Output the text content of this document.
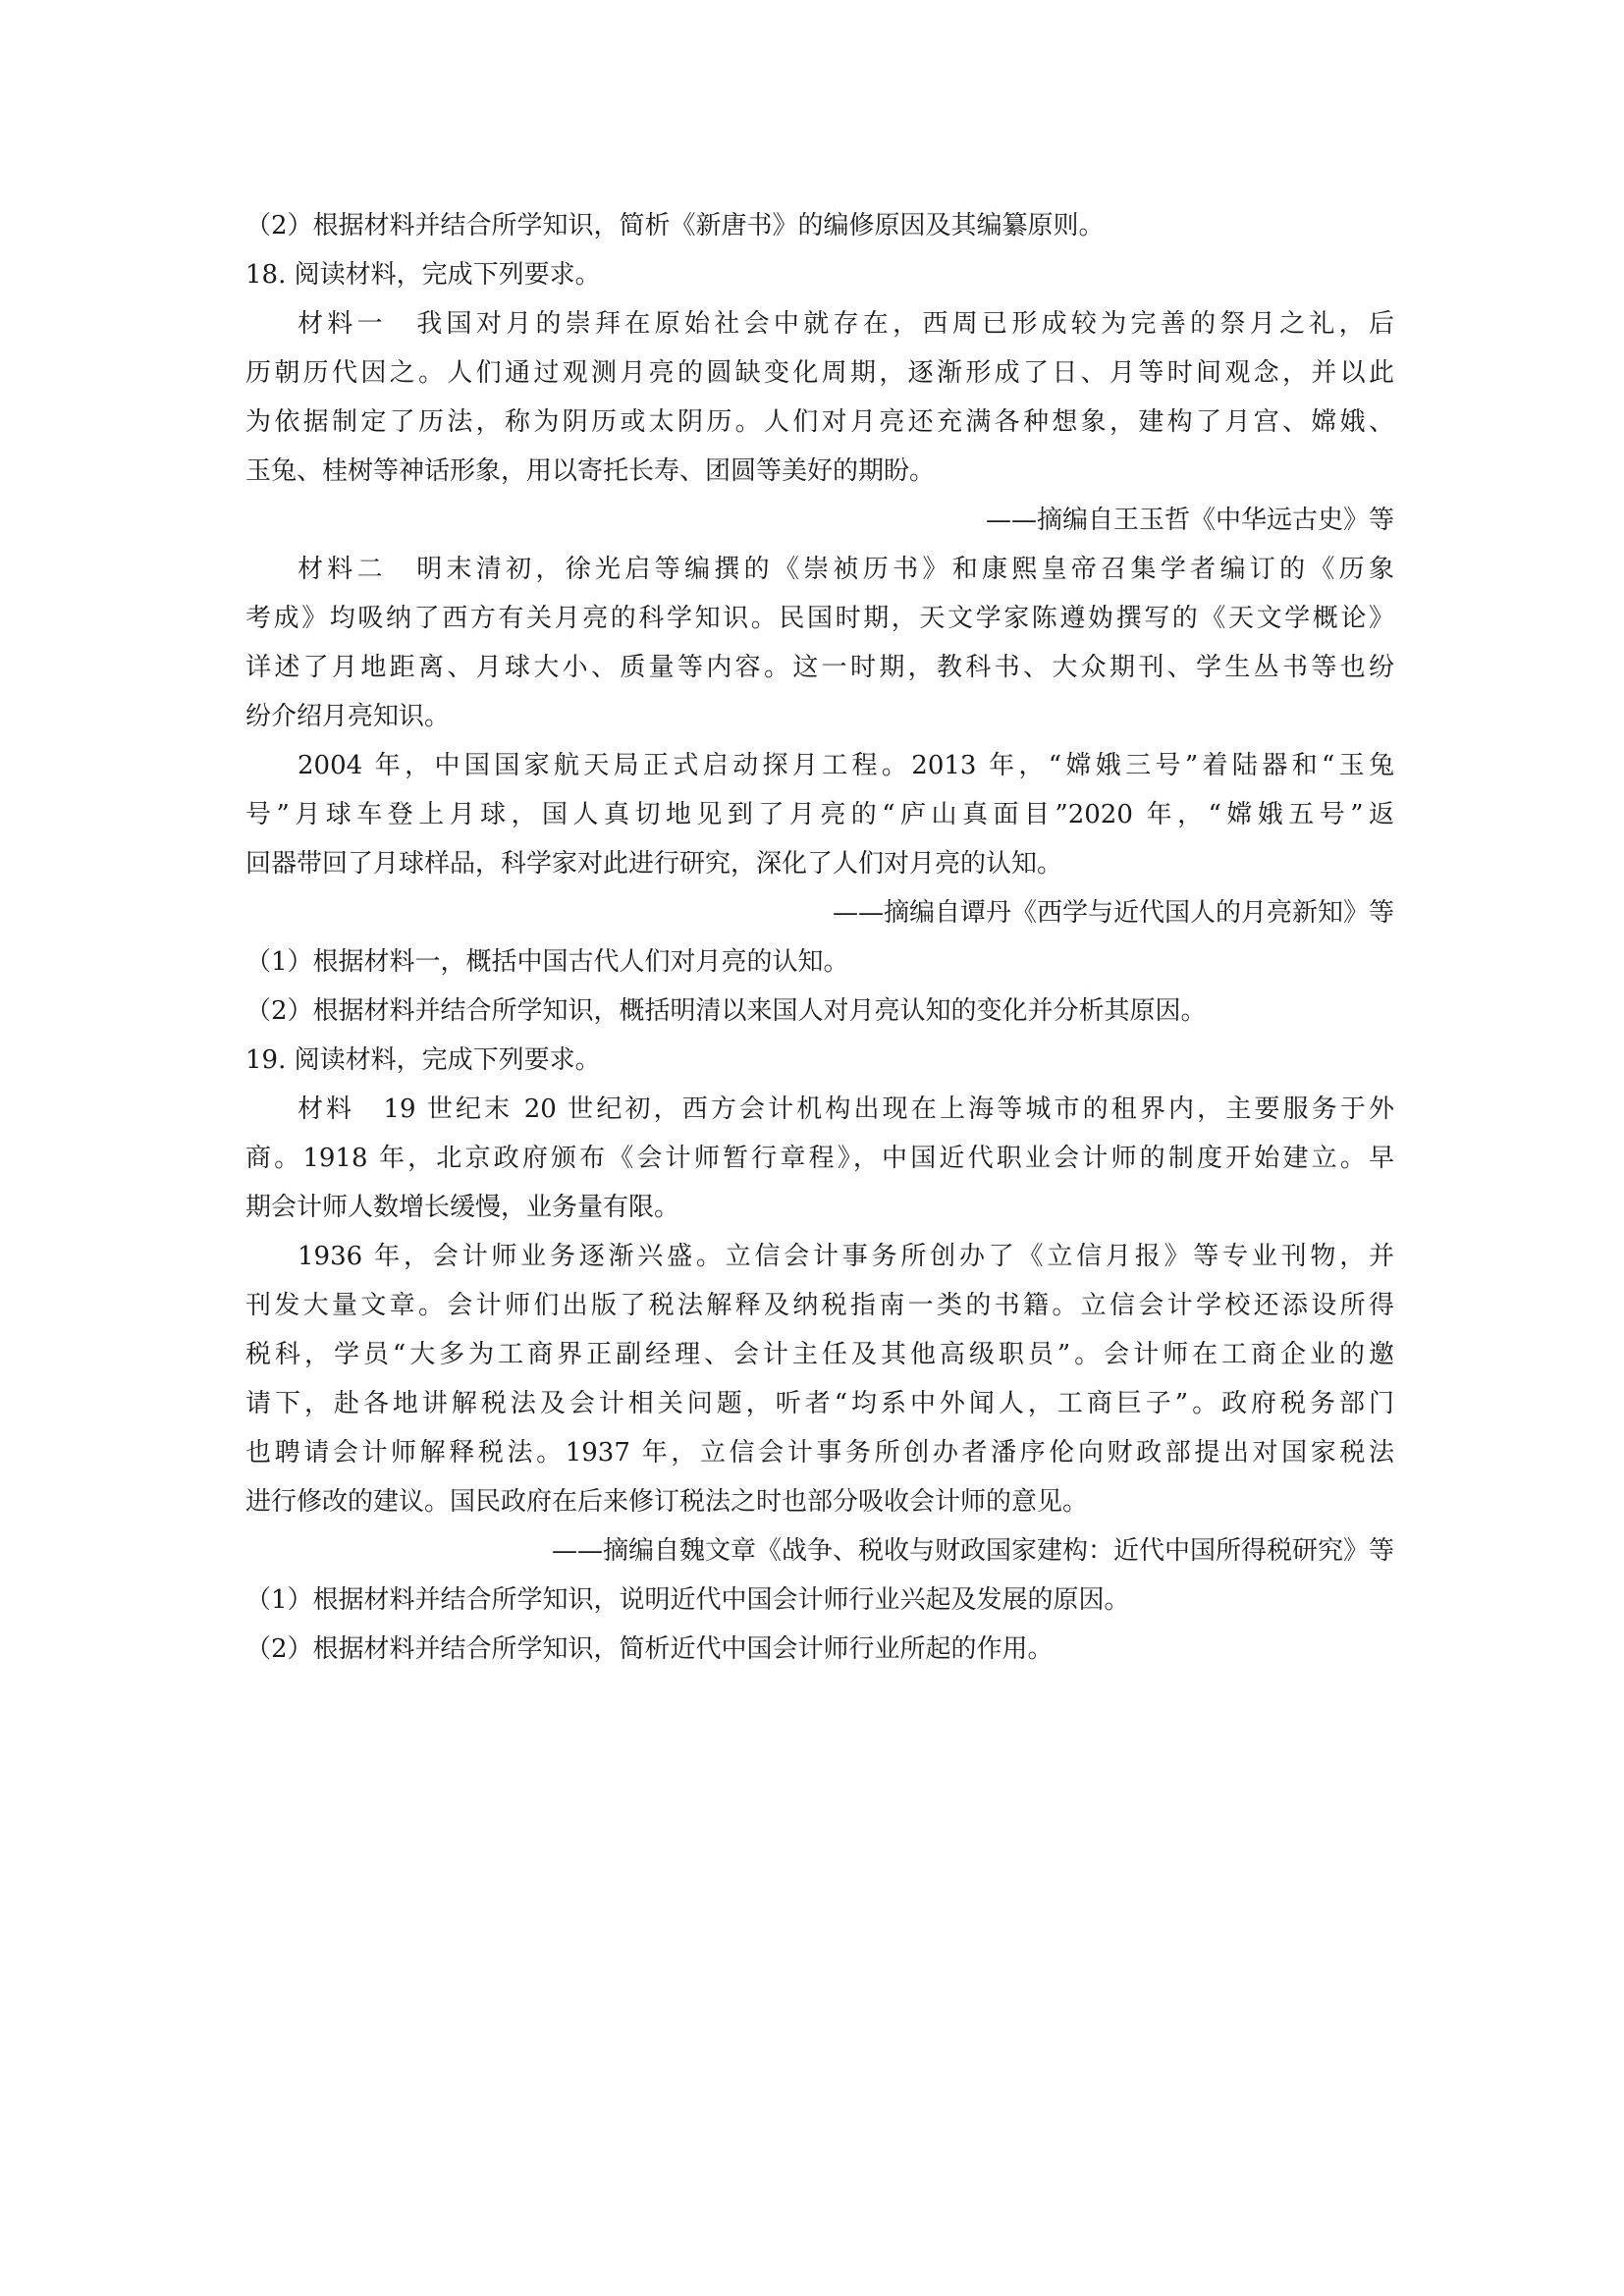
（2）根据材料并结合所学知识，简析《新唐书》的编修原因及其编纂原则。
18. 阅读材料，完成下列要求。
材料一　我国对月的崇拜在原始社会中就存在，西周已形成较为完善的祭月之礼，后
历朝历代因之。人们通过观测月亮的圆缺变化周期，逐渐形成了日、月等时间观念，并以此
为依据制定了历法，称为阴历或太阴历。人们对月亮还充满各种想象，建构了月宫、嫦娥、
玉兔、桂树等神话形象，用以寄托长寿、团圆等美好的期盼。
——摘编自王玉哲《中华远古史》等
材料二　明末清初，徐光启等编撰的《崇祯历书》和康熙皇帝召集学者编订的《历象
考成》均吸纳了西方有关月亮的科学知识。民国时期，天文学家陈遵妫撰写的《天文学概论》
详述了月地距离、月球大小、质量等内容。这一时期，教科书、大众期刊、学生丛书等也纷
纷介绍月亮知识。
2004 年，中国国家航天局正式启动探月工程。2013 年，“嫦娥三号”着陆器和“玉兔
号”月球车登上月球，国人真切地见到了月亮的“庐山真面目”2020 年，“嫦娥五号”返
回器带回了月球样品，科学家对此进行研究，深化了人们对月亮的认知。
——摘编自谭丹《西学与近代国人的月亮新知》等
（1）根据材料一，概括中国古代人们对月亮的认知。
（2）根据材料并结合所学知识，概括明清以来国人对月亮认知的变化并分析其原因。
19. 阅读材料，完成下列要求。
材料　19 世纪末 20 世纪初，西方会计机构出现在上海等城市的租界内，主要服务于外
商。1918 年，北京政府颁布《会计师暂行章程》，中国近代职业会计师的制度开始建立。早
期会计师人数增长缓慢，业务量有限。
1936 年，会计师业务逐渐兴盛。立信会计事务所创办了《立信月报》等专业刊物，并
刊发大量文章。会计师们出版了税法解释及纳税指南一类的书籍。立信会计学校还添设所得
税科，学员“大多为工商界正副经理、会计主任及其他高级职员”。会计师在工商企业的邀
请下，赴各地讲解税法及会计相关问题，听者“均系中外闻人，工商巨子”。政府税务部门
也聘请会计师解释税法。1937 年，立信会计事务所创办者潘序伦向财政部提出对国家税法
进行修改的建议。国民政府在后来修订税法之时也部分吸收会计师的意见。
——摘编自魏文章《战争、税收与财政国家建构：近代中国所得税研究》等
（1）根据材料并结合所学知识，说明近代中国会计师行业兴起及发展的原因。
（2）根据材料并结合所学知识，简析近代中国会计师行业所起的作用。
